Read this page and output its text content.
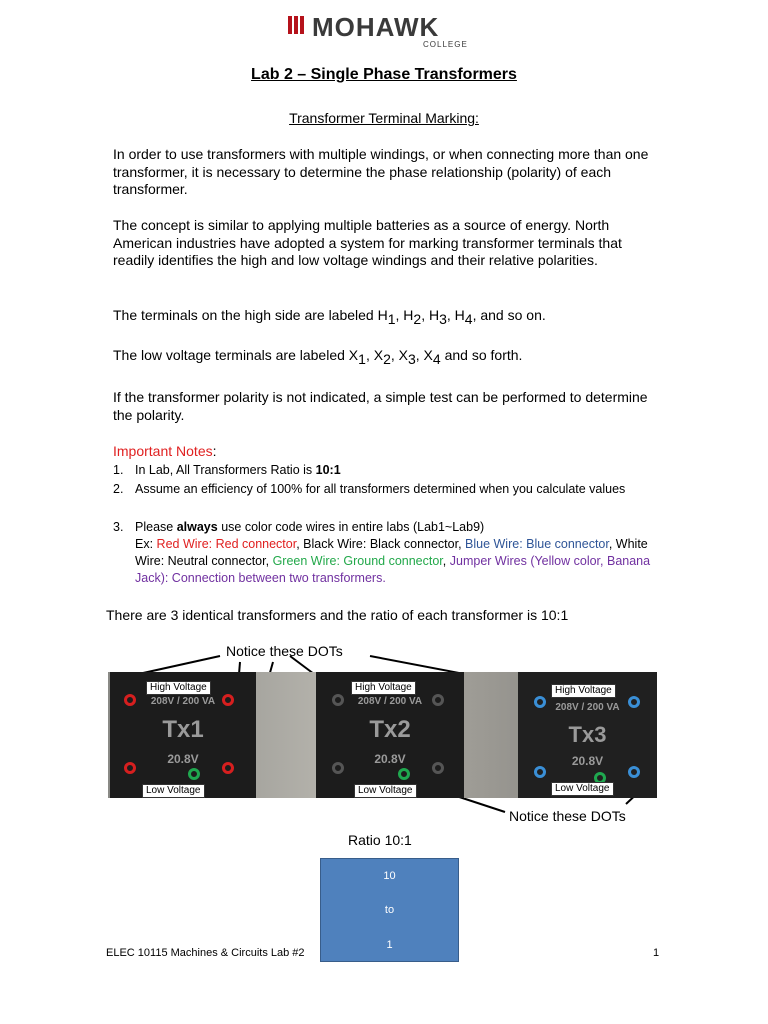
MOHAWK
COLLEGE
Lab 2 – Single Phase Transformers
Transformer Terminal Marking:
In order to use transformers with multiple windings, or when connecting more than one transformer, it is necessary to determine the phase relationship (polarity) of each transformer.
The concept is similar to applying multiple batteries as a source of energy. North American industries have adopted a system for marking transformer terminals that readily identifies the high and low voltage windings and their relative polarities.
The terminals on the high side are labeled $H_1$, $H_2$, $H_3$, $H_4$, and so on.
The low voltage terminals are labeled $X_1$, $X_2$, $X_3$, $X_4$ and so forth.
If the transformer polarity is not indicated, a simple test can be performed to determine the polarity.
Important Notes:
1. In Lab, All Transformers Ratio is 10:1
2. Assume an efficiency of 100% for all transformers determined when you calculate values
3. Please always use color code wires in entire labs (Lab1~Lab9)
Ex: Red Wire: Red connector, Black Wire: Black connector, Blue Wire: Blue connector, White Wire: Neutral connector, Green Wire: Ground connector, Jumper Wires (Yellow color, Banana Jack): Connection between two transformers.
There are 3 identical transformers and the ratio of each transformer is 10:1
Notice these DOTs
Notice these DOTs
208V / 200 VA
Tx1
20.8V
208V / 200 VA
Tx2
20.8V
208V / 200 VA
Tx3
20.8V
High Voltage	High Voltage	High Voltage
Low Voltage	Low Voltage	Low Voltage
Ratio 10:1
10
to
1
ELEC 10115 Machines & Circuits Lab #2	1
